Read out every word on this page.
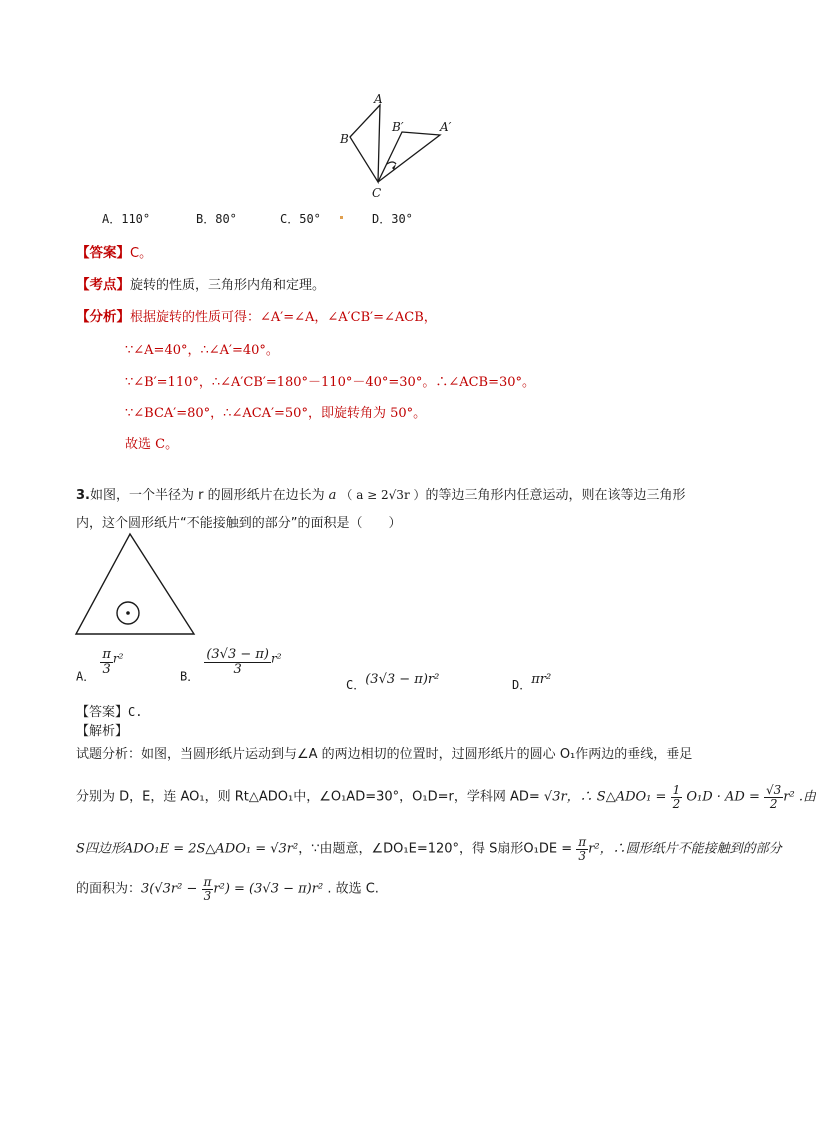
A
B
C
B′	A′
A．110°	B．80°	C．50°	D．30°
【答案】C。
【考点】旋转的性质，三角形内角和定理。
【分析】根据旋转的性质可得：∠A′=∠A，∠A′CB′=∠ACB，
∵∠A=40°，∴∠A′=40°。
∵∠B′=110°，∴∠A′CB′=180°－110°－40°=30°。∴∠ACB=30°。
∵∠BCA′=80°，∴∠ACA′=50°，即旋转角为 50°。
故选 C。
3.如图，一个半径为 r 的圆形纸片在边长为 a （ a ≥ 2√3r ）的等边三角形内任意运动，则在该等边三角形
内，这个圆形纸片“不能接触到的部分”的面积是（　　）
$_{A.}$
$\frac{\pi}{3} ^{r^2}$
$_{B.}$
$\frac{(3√3 - \pi)}{3} ^{r^2}$
$_{C.}$(3√3 − π)r²	$_{D.}$πr²
【答案】C.
【解析】
试题分析：如图，当圆形纸片运动到与∠A 的两边相切的位置时，过圆形纸片的圆心 O₁作两边的垂线，垂足
分别为 D，E，连 AO₁，则 Rt△ADO₁中，∠O₁AD=30°，O₁D=r，学科网 AD= √3r，∴ S△ADO₁ = $\frac{1}{2} O_1D$ · AD = $\frac{√3}{2} r^2$ .由
S四边形ADO₁E = 2S△ADO₁ = √3r²，∵由题意，∠DO₁E=120°，得 S扇形$O_1DE = \frac{\pi}{3} r^2$，∴圆形纸片不能接触到的部分
的面积为：$3(√3r^2 - \frac{\pi}{3} r^2) = (3√3 - \pi)r^2$ . 故选 C.
